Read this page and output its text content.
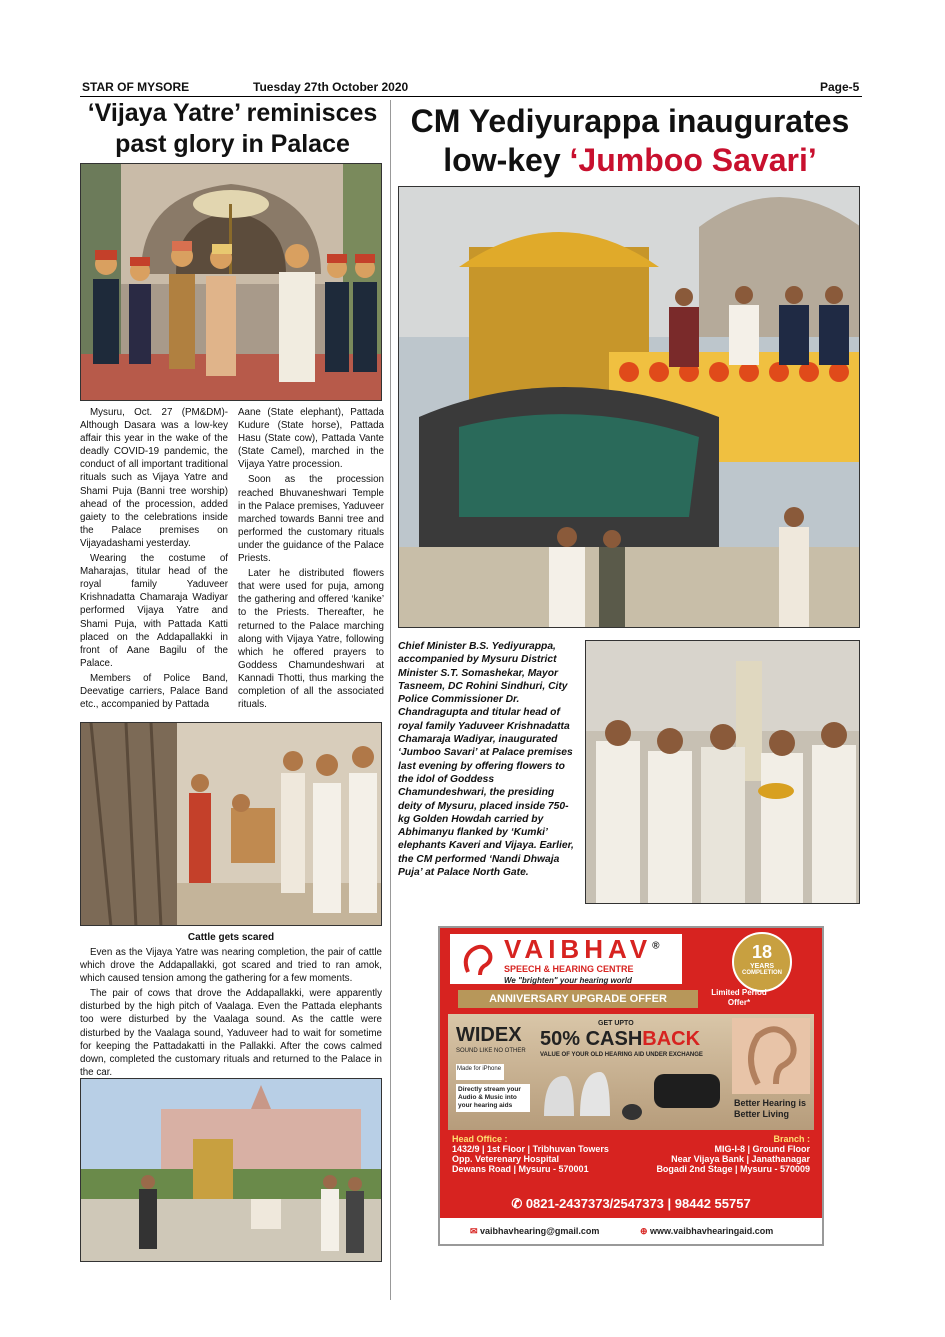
STAR OF MYSORE	Tuesday 27th October 2020	Page-5
‘Vijaya Yatre’ reminisces
past glory in Palace

Mysuru, Oct. 27 (PM&DM)- Although Dasara was a low-key affair this year in the wake of the deadly COVID-19 pandemic, the conduct of all important traditional rituals such as Vijaya Yatre and Shami Puja (Banni tree worship) ahead of the procession, added gaiety to the celebrations inside the Palace premises on Vijayadashami yesterday.

Wearing the costume of Maharajas, titular head of the royal family Yaduveer Krishnadatta Chamaraja Wadiyar performed Vijaya Yatre and Shami Puja, with Pattada Katti placed on the Addapallakki in front of Aane Bagilu of the Palace.

Members of Police Band, Deevatige carriers, Palace Band etc., accompanied by Pattada

Aane (State elephant), Pattada Kudure (State horse), Pattada Hasu (State cow), Pattada Vante (State Camel), marched in the Vijaya Yatre procession.

Soon as the procession reached Bhuvaneshwari Temple in the Palace premises, Yaduveer marched towards Banni tree and performed the customary rituals under the guidance of the Palace Priests.

Later he distributed flowers that were used for puja, among the gathering and offered ‘kanike’ to the Priests. Thereafter, he returned to the Palace marching along with Vijaya Yatre, following which he offered prayers to Goddess Chamundeshwari at Kannadi Thotti, thus marking the completion of all the associated rituals.

Cattle gets scared

Even as the Vijaya Yatre was nearing completion, the pair of cattle which drove the Addapallakki, got scared and tried to ran amok, which caused tension among the gathering for a few moments.

The pair of cows that drove the Addapallakki, were apparently disturbed by the high pitch of Vaalaga. Even the Pattada elephants too were disturbed by the Vaalaga sound. As the cattle were disturbed by the Vaalaga sound, Yaduveer had to wait for sometime for keeping the Pattadakatti in the Pallakki. After the cows calmed down, completed the customary rituals and returned to the Palace in the car.

CM Yediyurappa inaugurates
low-key ‘Jumboo Savari’
Chief Minister B.S. Yediyurappa, accompanied by Mysuru District Minister S.T. Somashekar, Mayor Tasneem, DC Rohini Sindhuri, City Police Commissioner Dr. Chandragupta and titular head of royal family Yaduveer Krishnadatta Chamaraja Wadiyar, inaugurated ‘Jumboo Savari’ at Palace premises last evening by offering flowers to the idol of Goddess Chamundeshwari, the presiding deity of Mysuru, placed inside 750-kg Golden Howdah carried by Abhimanyu flanked by ‘Kumki’ elephants Kaveri and Vijaya. Earlier, the CM performed ‘Nandi Dhwaja Puja’ at Palace North Gate.
VAIBHAV®
SPEECH & HEARING CENTRE
We "brighten" your hearing world
18
YEARS
COMPLETION
ANNIVERSARY UPGRADE OFFER
Limited Period Offer*
WIDEX
SOUND LIKE NO OTHER
GET UPTO
50% CASHBACK
VALUE OF YOUR OLD HEARING AID UNDER EXCHANGE
Made for iPhone
Directly stream your Audio & Music into your hearing aids	Better Hearing is Better Living
Head Office :
1432/9 | 1st Floor | Tribhuvan Towers
Opp. Veterenary Hospital
Dewans Road | Mysuru - 570001
Branch :
MIG-I-8 | Ground Floor
Near Vijaya Bank | Janathanagar
Bogadi 2nd Stage | Mysuru - 570009
✆ 0821-2437373/2547373 | 98442 55757
✉ vaibhavhearing@gmail.com	⊕ www.vaibhavhearingaid.com
